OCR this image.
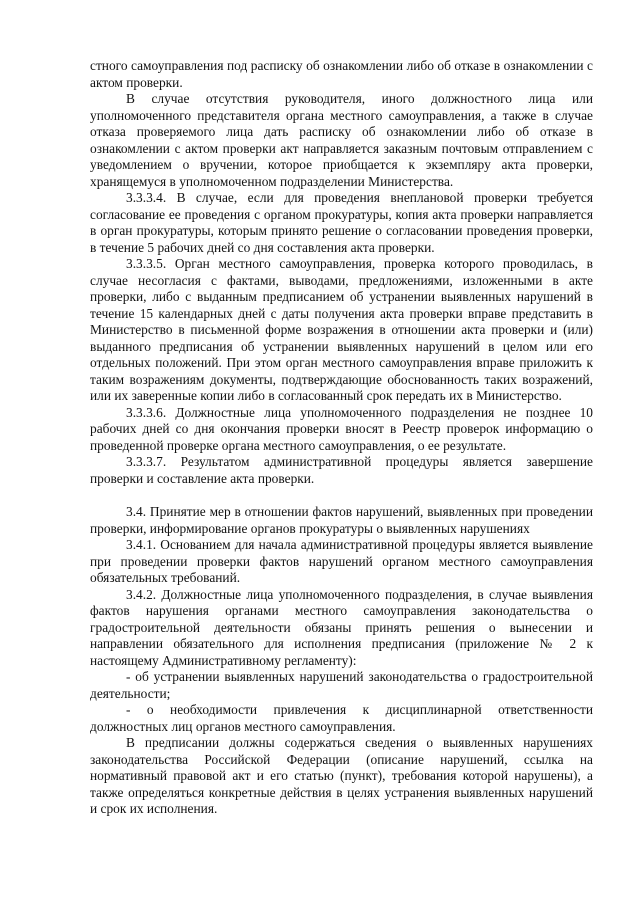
стного самоуправления под расписку об ознакомлении либо об отказе в ознакомлении с актом проверки.

В случае отсутствия руководителя, иного должностного лица или уполномоченного представителя органа местного самоуправления, а также в случае отказа проверяемого лица дать расписку об ознакомлении либо об отказе в ознакомлении с актом проверки акт направляется заказным почтовым отправлением с уведомлением о вручении, которое приобщается к экземпляру акта проверки, хранящемуся в уполномоченном подразделении Министерства.

3.3.3.4. В случае, если для проведения внеплановой проверки требуется согласование ее проведения с органом прокуратуры, копия акта проверки направляется в орган прокуратуры, которым принято решение о согласовании проведения проверки, в течение 5 рабочих дней со дня составления акта проверки.

3.3.3.5. Орган местного самоуправления, проверка которого проводилась, в случае несогласия с фактами, выводами, предложениями, изложенными в акте проверки, либо с выданным предписанием об устранении выявленных нарушений в течение 15 календарных дней с даты получения акта проверки вправе представить в Министерство в письменной форме возражения в отношении акта проверки и (или) выданного предписания об устранении выявленных нарушений в целом или его отдельных положений. При этом орган местного самоуправления вправе приложить к таким возражениям документы, подтверждающие обоснованность таких возражений, или их заверенные копии либо в согласованный срок передать их в Министерство.

3.3.3.6. Должностные лица уполномоченного подразделения не позднее 10 рабочих дней со дня окончания проверки вносят в Реестр проверок информацию о проведенной проверке органа местного самоуправления, о ее результате.

3.3.3.7. Результатом административной процедуры является завершение проверки и составление акта проверки.

3.4. Принятие мер в отношении фактов нарушений, выявленных при проведении проверки, информирование органов прокуратуры о выявленных нарушениях

3.4.1. Основанием для начала административной процедуры является выявление при проведении проверки фактов нарушений органом местного самоуправления обязательных требований.

3.4.2. Должностные лица уполномоченного подразделения, в случае выявления фактов нарушения органами местного самоуправления законодательства о градостроительной деятельности обязаны принять решения о вынесении и направлении обязательного для исполнения предписания (приложение № 2 к настоящему Административному регламенту):

- об устранении выявленных нарушений законодательства о градостроительной деятельности;

- о необходимости привлечения к дисциплинарной ответственности должностных лиц органов местного самоуправления.

В предписании должны содержаться сведения о выявленных нарушениях законодательства Российской Федерации (описание нарушений, ссылка на нормативный правовой акт и его статью (пункт), требования которой нарушены), а также определяться конкретные действия в целях устранения выявленных нарушений и срок их исполнения.
